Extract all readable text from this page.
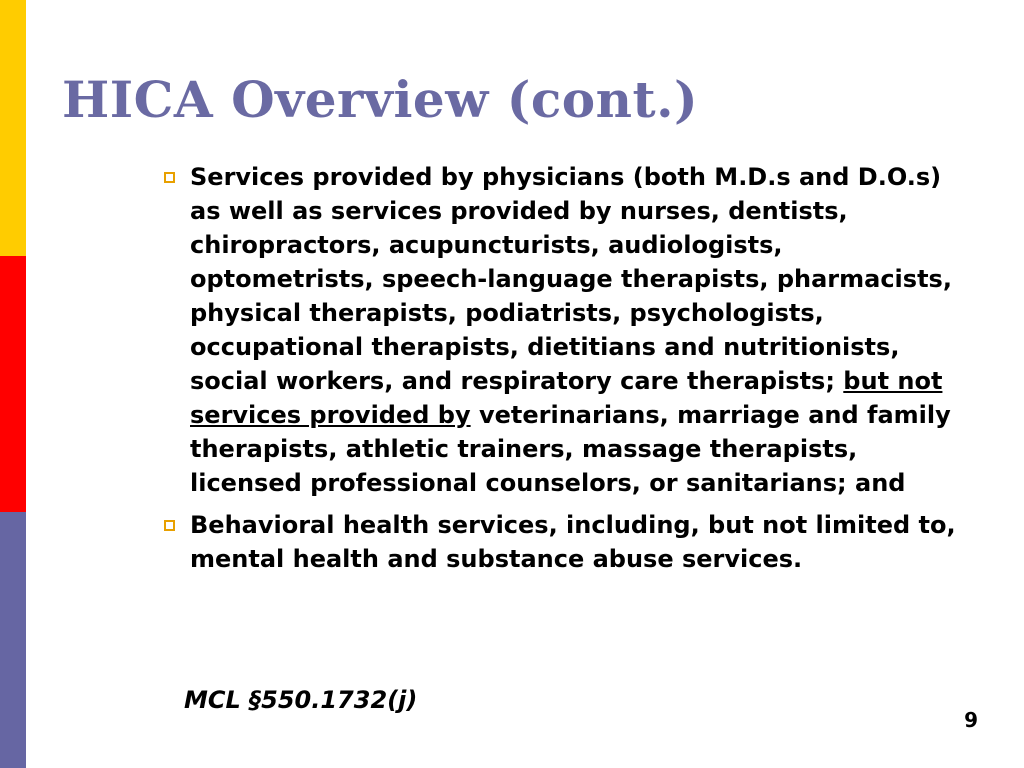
HICA Overview (cont.)
Services provided by physicians (both M.D.s and D.O.s) as well as services provided by nurses, dentists, chiropractors, acupuncturists, audiologists, optometrists, speech-language therapists, pharmacists, physical therapists, podiatrists, psychologists, occupational therapists, dietitians and nutritionists, social workers, and respiratory care therapists; but not services provided by veterinarians, marriage and family therapists, athletic trainers, massage therapists, licensed professional counselors, or sanitarians; and
Behavioral health services, including, but not limited to, mental health and substance abuse services.
MCL §550.1732(j)
9
